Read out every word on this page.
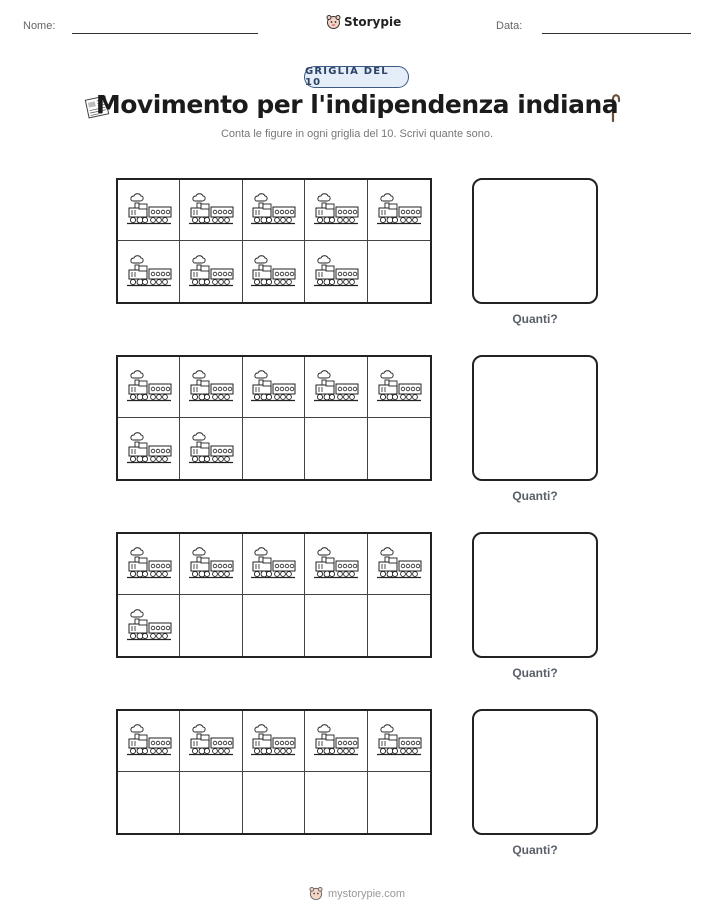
Nome:	Storypie	Data:
GRIGLIA DEL 10
Movimento per l'indipendenza indiana
Conta le figure in ogni griglia del 10. Scrivi quante sono.
Quanti?
Quanti?
Quanti?
Quanti?
mystorypie.com
